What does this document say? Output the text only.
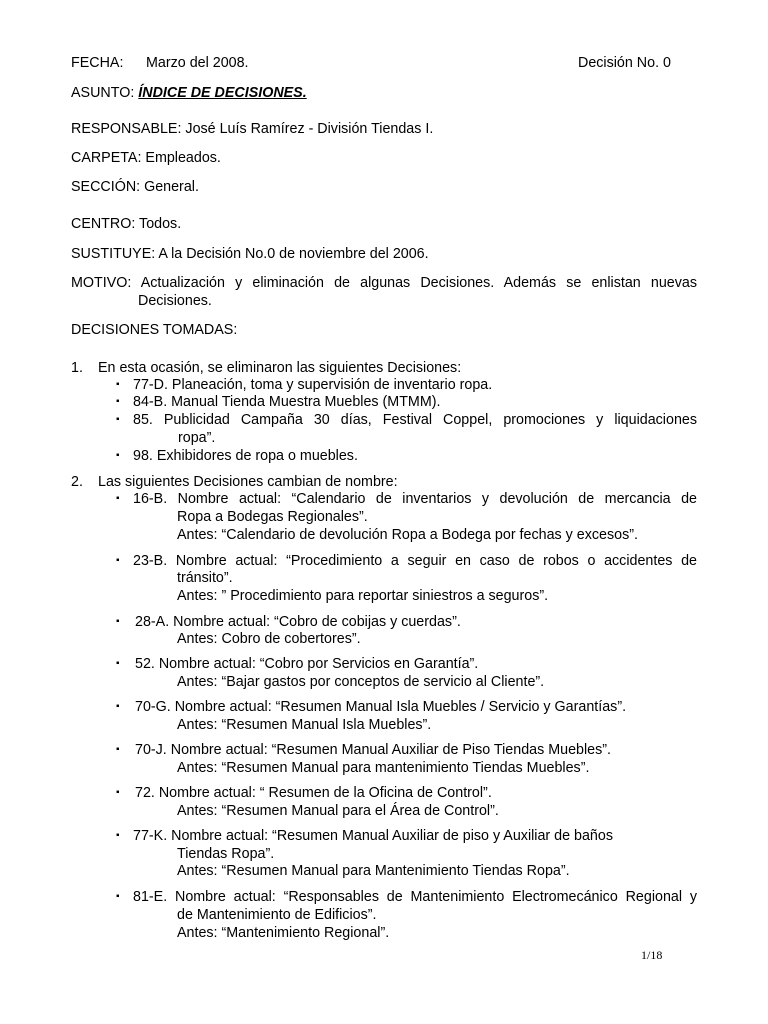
FECHA: Marzo del 2008.	Decisión No. 0
ASUNTO: ÍNDICE DE DECISIONES.
RESPONSABLE: José Luís Ramírez - División Tiendas I.
CARPETA: Empleados.
SECCIÓN: General.
CENTRO: Todos.
SUSTITUYE: A la Decisión No.0 de noviembre del 2006.
MOTIVO: Actualización y eliminación de algunas Decisiones. Además se enlistan nuevas
Decisiones.
DECISIONES TOMADAS:
1. En esta ocasión, se eliminaron las siguientes Decisiones:
▪ 77-D. Planeación, toma y supervisión de inventario ropa.
▪ 84-B. Manual Tienda Muestra Muebles (MTMM).
▪ 85. Publicidad Campaña 30 días, Festival Coppel, promociones y liquidaciones
ropa”.
▪ 98. Exhibidores de ropa o muebles.
2. Las siguientes Decisiones cambian de nombre:
▪ 16-B. Nombre actual: “Calendario de inventarios y devolución de mercancia de
Ropa a Bodegas Regionales”.
Antes: “Calendario de devolución Ropa a Bodega por fechas y excesos”.
▪ 23-B. Nombre actual: “Procedimiento a seguir en caso de robos o accidentes de
tránsito”.
Antes: ” Procedimiento para reportar siniestros a seguros”.
▪ 28-A. Nombre actual: “Cobro de cobijas y cuerdas”.
Antes: Cobro de cobertores”.
▪ 52. Nombre actual: “Cobro por Servicios en Garantía”.
Antes: “Bajar gastos por conceptos de servicio al Cliente”.
▪ 70-G. Nombre actual: “Resumen Manual Isla Muebles / Servicio y Garantías”.
Antes: “Resumen Manual Isla Muebles”.
▪ 70-J. Nombre actual: “Resumen Manual Auxiliar de Piso Tiendas Muebles”.
Antes: “Resumen Manual para mantenimiento Tiendas Muebles”.
▪ 72. Nombre actual: “ Resumen de la Oficina de Control”.
Antes: “Resumen Manual para el Área de Control”.
▪ 77-K. Nombre actual: “Resumen Manual Auxiliar de piso y Auxiliar de baños
Tiendas Ropa”.
Antes: “Resumen Manual para Mantenimiento Tiendas Ropa”.
▪ 81-E. Nombre actual: “Responsables de Mantenimiento Electromecánico Regional y
de Mantenimiento de Edificios”.
Antes: “Mantenimiento Regional”.
1/18
